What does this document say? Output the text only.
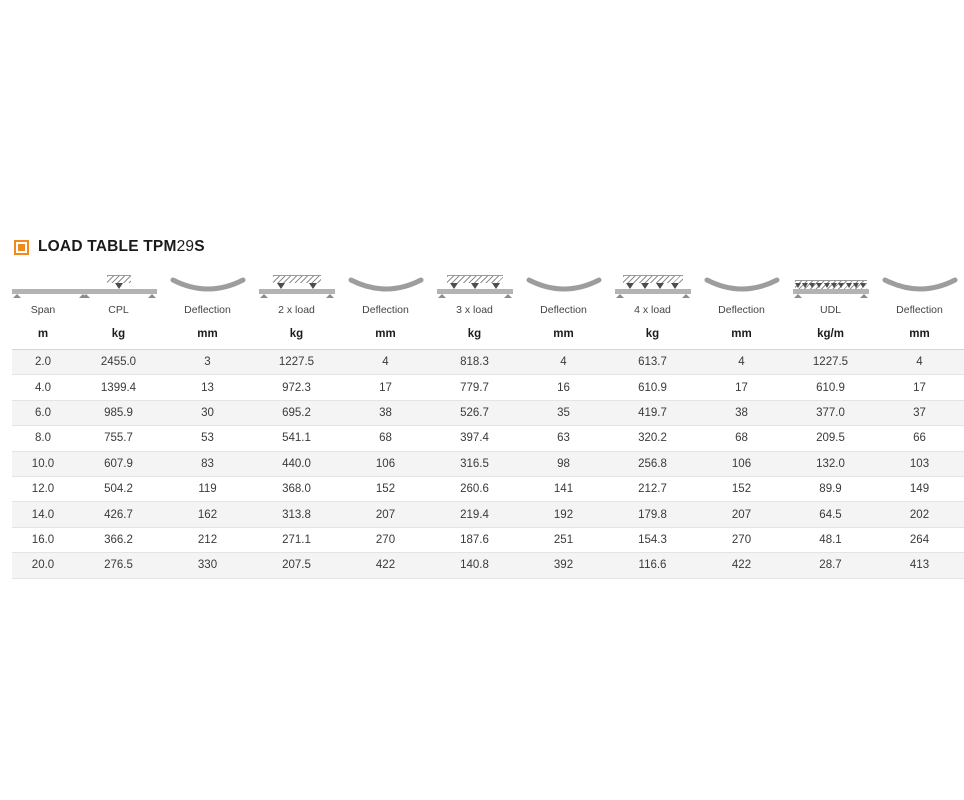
LOAD TABLE TPM29S

Span	CPL	Deflection	2 x load	Deflection	3 x load	Deflection	4 x load	Deflection	UDL	Deflection
m	kg	mm	kg	mm	kg	mm	kg	mm	kg/m	mm
2.0	2455.0	3	1227.5	4	818.3	4	613.7	4	1227.5	4
4.0	1399.4	13	972.3	17	779.7	16	610.9	17	610.9	17
6.0	985.9	30	695.2	38	526.7	35	419.7	38	377.0	37
8.0	755.7	53	541.1	68	397.4	63	320.2	68	209.5	66
10.0	607.9	83	440.0	106	316.5	98	256.8	106	132.0	103
12.0	504.2	119	368.0	152	260.6	141	212.7	152	89.9	149
14.0	426.7	162	313.8	207	219.4	192	179.8	207	64.5	202
16.0	366.2	212	271.1	270	187.6	251	154.3	270	48.1	264
20.0	276.5	330	207.5	422	140.8	392	116.6	422	28.7	413
